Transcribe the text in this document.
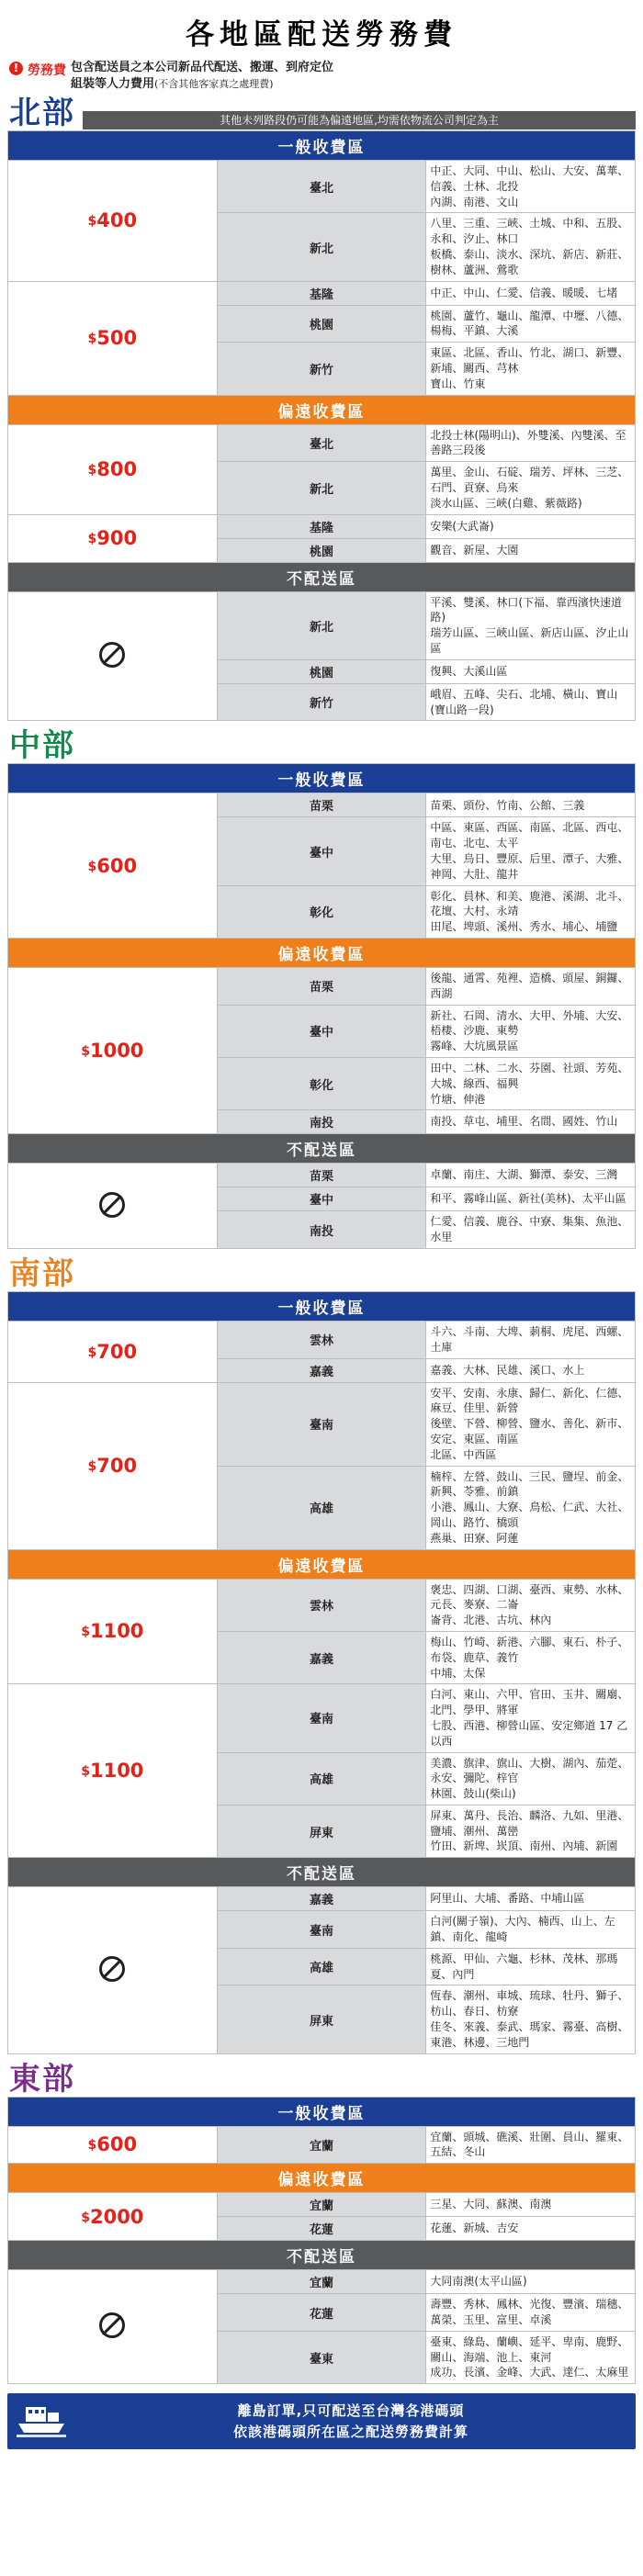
各地區配送勞務費
! 勞務費 包含配送員之本公司新品代配送、搬運、到府定位
組裝等人力費用(不含其他客家真之處理費)
北部	其他未列路段仍可能為偏遠地區,均需依物流公司判定為主
一般收費區		
$400	臺北	中正、大同、中山、松山、大安、萬華、信義、士林、北投
內湖、南港、文山

	新北	八里、三重、三峽、土城、中和、五股、永和、汐止、林口
板橋、泰山、淡水、深坑、新店、新莊、樹林、蘆洲、鶯歌

$500	基隆	中正、中山、仁愛、信義、暖暖、七堵

	桃園	桃園、蘆竹、龜山、龍潭、中壢、八德、楊梅、平鎮、大溪

	新竹	東區、北區、香山、竹北、湖口、新豐、新埔、關西、芎林
寶山、竹東

偏遠收費區		
$800	臺北	北投士林(陽明山)、外雙溪、內雙溪、至善路三段後

	新北	萬里、金山、石碇、瑞芳、坪林、三芝、石門、貢寮、烏來
淡水山區、三峽(白雞、紫薇路)

$900	基隆	安樂(大武崙)

	桃園	觀音、新屋、大園

不配送區		
	新北	平溪、雙溪、林口(下福、靠西濱快速道路)
瑞芳山區、三峽山區、新店山區、汐止山區

	桃園	復興、大溪山區

	新竹	峨眉、五峰、尖石、北埔、橫山、寶山(寶山路一段)
中部
一般收費區		
$600	苗栗	苗栗、頭份、竹南、公館、三義

	臺中	中區、東區、西區、南區、北區、西屯、南屯、北屯、太平
大里、烏日、豐原、后里、潭子、大雅、神岡、大肚、龍井

	彰化	彰化、員林、和美、鹿港、溪湖、北斗、花壇、大村、永靖
田尾、埤頭、溪州、秀水、埔心、埔鹽

偏遠收費區		
$1000	苗栗	後龍、通霄、苑裡、造橋、頭屋、銅鑼、西湖

	臺中	新社、石岡、清水、大甲、外埔、大安、梧棲、沙鹿、東勢
霧峰、大坑風景區

	彰化	田中、二林、二水、芬園、社頭、芳苑、大城、線西、福興
竹塘、伸港

	南投	南投、草屯、埔里、名間、國姓、竹山

不配送區		
	苗栗	卓蘭、南庄、大湖、獅潭、泰安、三灣

	臺中	和平、霧峰山區、新社(美林)、太平山區

	南投	仁愛、信義、鹿谷、中寮、集集、魚池、水里
南部
一般收費區		
$700	雲林	斗六、斗南、大埤、莿桐、虎尾、西螺、土庫

	嘉義	嘉義、大林、民雄、溪口、水上

$700	臺南	安平、安南、永康、歸仁、新化、仁德、麻豆、佳里、新營
後壁、下營、柳營、鹽水、善化、新市、安定、東區、南區
北區、中西區

	高雄	楠梓、左營、鼓山、三民、鹽埕、前金、新興、苓雅、前鎮
小港、鳳山、大寮、鳥松、仁武、大社、岡山、路竹、橋頭
燕巢、田寮、阿蓮

偏遠收費區		
$1100	雲林	褒忠、四湖、口湖、臺西、東勢、水林、元長、麥寮、二崙
崙背、北港、古坑、林內

	嘉義	梅山、竹崎、新港、六腳、東石、朴子、布袋、鹿草、義竹
中埔、太保

$1100	臺南	白河、東山、六甲、官田、玉井、關廟、北門、學甲、將軍
七股、西港、柳營山區、安定鄉道 17 乙 以西

	高雄	美濃、旗津、旗山、大樹、湖內、茄萣、永安、彌陀、梓官
林園、鼓山(柴山)

	屏東	屏東、萬丹、長治、麟洛、九如、里港、鹽埔、潮州、萬巒
竹田、新埤、崁頂、南州、內埔、新園

不配送區		
	嘉義	阿里山、大埔、番路、中埔山區

	臺南	白河(關子嶺)、大內、楠西、山上、左鎮、南化、龍崎

	高雄	桃源、甲仙、六龜、杉林、茂林、那瑪夏、內門

	屏東	恆春、潮州、車城、琉球、牡丹、獅子、枋山、春日、枋寮
佳冬、來義、泰武、瑪家、霧臺、高樹、東港、林邊、三地門
東部
一般收費區		
$600	宜蘭	宜蘭、頭城、礁溪、壯圍、員山、羅東、五結、冬山

偏遠收費區		
$2000	宜蘭	三星、大同、蘇澳、南澳

	花蓮	花蓮、新城、吉安

不配送區		
	宜蘭	大同南澳(太平山區)

	花蓮	壽豐、秀林、鳳林、光復、豐濱、瑞穗、萬榮、玉里、富里、卓溪

	臺東	臺東、綠島、蘭嶼、延平、卑南、鹿野、關山、海端、池上、東河
成功、長濱、金峰、大武、達仁、太麻里
離島訂單,只可配送至台灣各港碼頭
依該港碼頭所在區之配送勞務費計算
